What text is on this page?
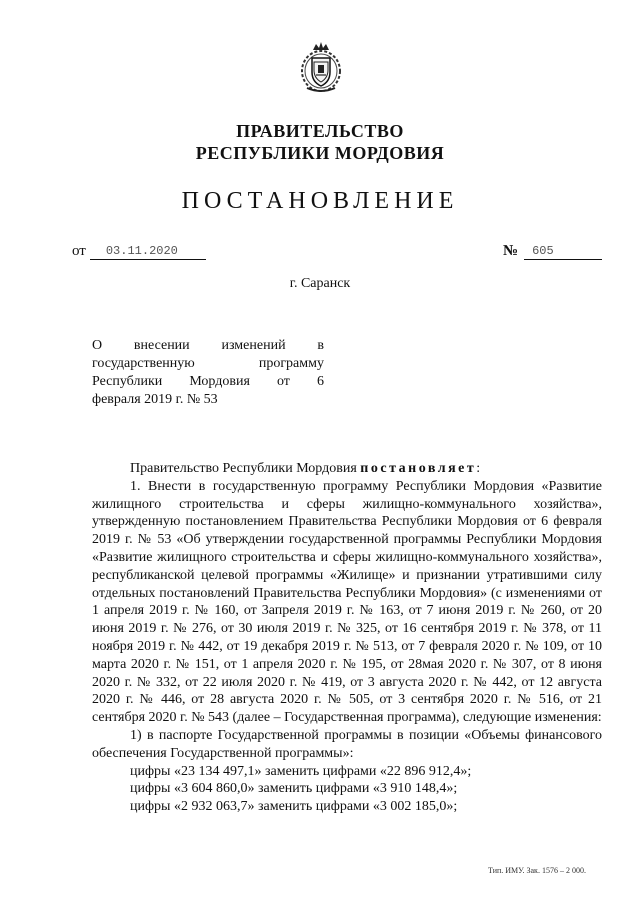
ПРАВИТЕЛЬСТВО
РЕСПУБЛИКИ МОРДОВИЯ
ПОСТАНОВЛЕНИЕ
от	03.11.2020	№	605
г. Саранск
О внесении изменений в
государственную программу
Республики Мордовия от 6
февраля 2019 г. № 53

Правительство Республики Мордовия постановляет:

1. Внести в государственную программу Республики Мордовия «Развитие жилищного строительства и сферы жилищно-коммунального хозяйства», утвержденную постановлением Правительства Республики Мордовия от 6 февраля 2019 г. № 53 «Об утверждении государственной программы Республики Мордовия «Развитие жилищного строительства и сферы жилищно-коммунального хозяйства», республиканской целевой программы «Жилище» и признании утратившими силу отдельных постановлений Правительства Республики Мордовия» (с изменениями от 1 апреля 2019 г. № 160, от 3апреля 2019 г. № 163, от 7 июня 2019 г. № 260, от 20 июня 2019 г. № 276, от 30 июля 2019 г. № 325, от 16 сентября 2019 г. № 378, от 11 ноября 2019 г. № 442, от 19 декабря 2019 г. № 513, от 7 февраля 2020 г. № 109, от 10 марта 2020 г. № 151, от 1 апреля 2020 г. № 195, от 28мая 2020 г. № 307, от 8 июня 2020 г. № 332, от 22 июля 2020 г. № 419, от 3 августа 2020 г. № 442, от 12 августа 2020 г. № 446, от 28 августа 2020 г. № 505, от 3 сентября 2020 г. № 516, от 21 сентября 2020 г. № 543 (далее – Государственная программа), следующие изменения:

1) в паспорте Государственной программы в позиции «Объемы финансового обеспечения Государственной программы»:

цифры «23 134 497,1» заменить цифрами «22 896 912,4»;

цифры «3 604 860,0» заменить цифрами «3 910 148,4»;

цифры «2 932 063,7» заменить цифрами «3 002 185,0»;

Тип. ИМУ. Зак. 1576 – 2 000.
